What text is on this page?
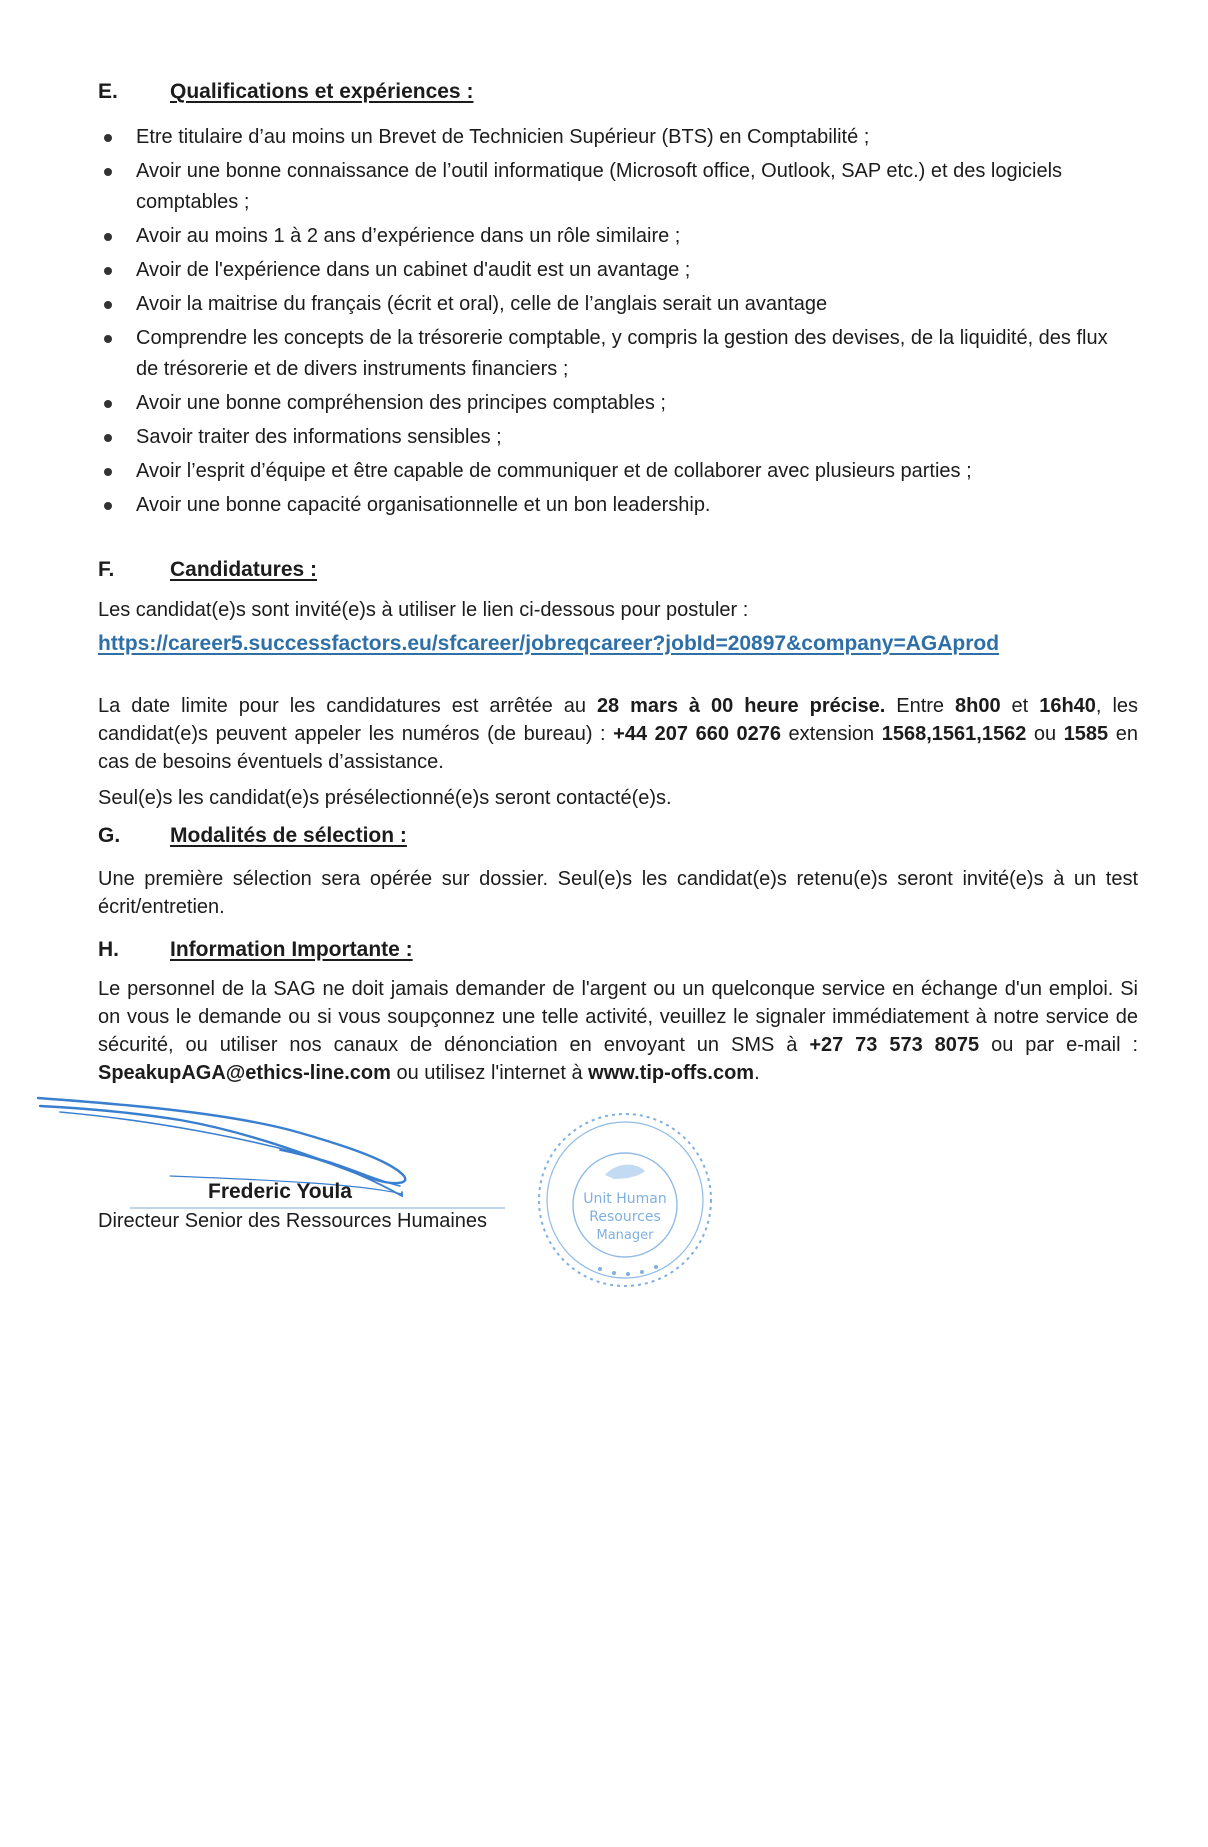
E.	Qualifications et expériences :
Etre titulaire d’au moins un Brevet de Technicien Supérieur (BTS) en Comptabilité ;
Avoir une bonne connaissance de l’outil informatique (Microsoft office, Outlook, SAP etc.) et des logiciels comptables ;
Avoir au moins 1 à 2 ans d’expérience dans un rôle similaire ;
Avoir de l'expérience dans un cabinet d'audit est un avantage ;
Avoir la maitrise du français (écrit et oral), celle de l’anglais serait un avantage
Comprendre les concepts de la trésorerie comptable, y compris la gestion des devises, de la liquidité, des flux de trésorerie et de divers instruments financiers ;
Avoir une bonne compréhension des principes comptables ;
Savoir traiter des informations sensibles ;
Avoir l’esprit d’équipe et être capable de communiquer et de collaborer avec plusieurs parties ;
Avoir une bonne capacité organisationnelle et un bon leadership.
F.	Candidatures :

Les candidat(e)s sont invité(e)s à utiliser le lien ci-dessous pour postuler :

https://career5.successfactors.eu/sfcareer/jobreqcareer?jobId=20897&company=AGAprod

La date limite pour les candidatures est arrêtée au 28 mars à 00 heure précise. Entre 8h00 et 16h40, les candidat(e)s peuvent appeler les numéros (de bureau) : +44 207 660 0276 extension 1568,1561,1562 ou 1585 en cas de besoins éventuels d’assistance.

Seul(e)s les candidat(e)s présélectionné(e)s seront contacté(e)s.

G.	Modalités de sélection :

Une première sélection sera opérée sur dossier. Seul(e)s les candidat(e)s retenu(e)s seront invité(e)s à un test écrit/entretien.

H.	Information Importante :

Le personnel de la SAG ne doit jamais demander de l'argent ou un quelconque service en échange d'un emploi. Si on vous le demande ou si vous soupçonnez une telle activité, veuillez le signaler immédiatement à notre service de sécurité, ou utiliser nos canaux de dénonciation en envoyant un SMS à +27 73 573 8075 ou par e-mail : SpeakupAGA@ethics-line.com ou utilisez l'internet à www.tip-offs.com.

Frederic Youla
Directeur Senior des Ressources Humaines
Unit Human
Resources
Manager
